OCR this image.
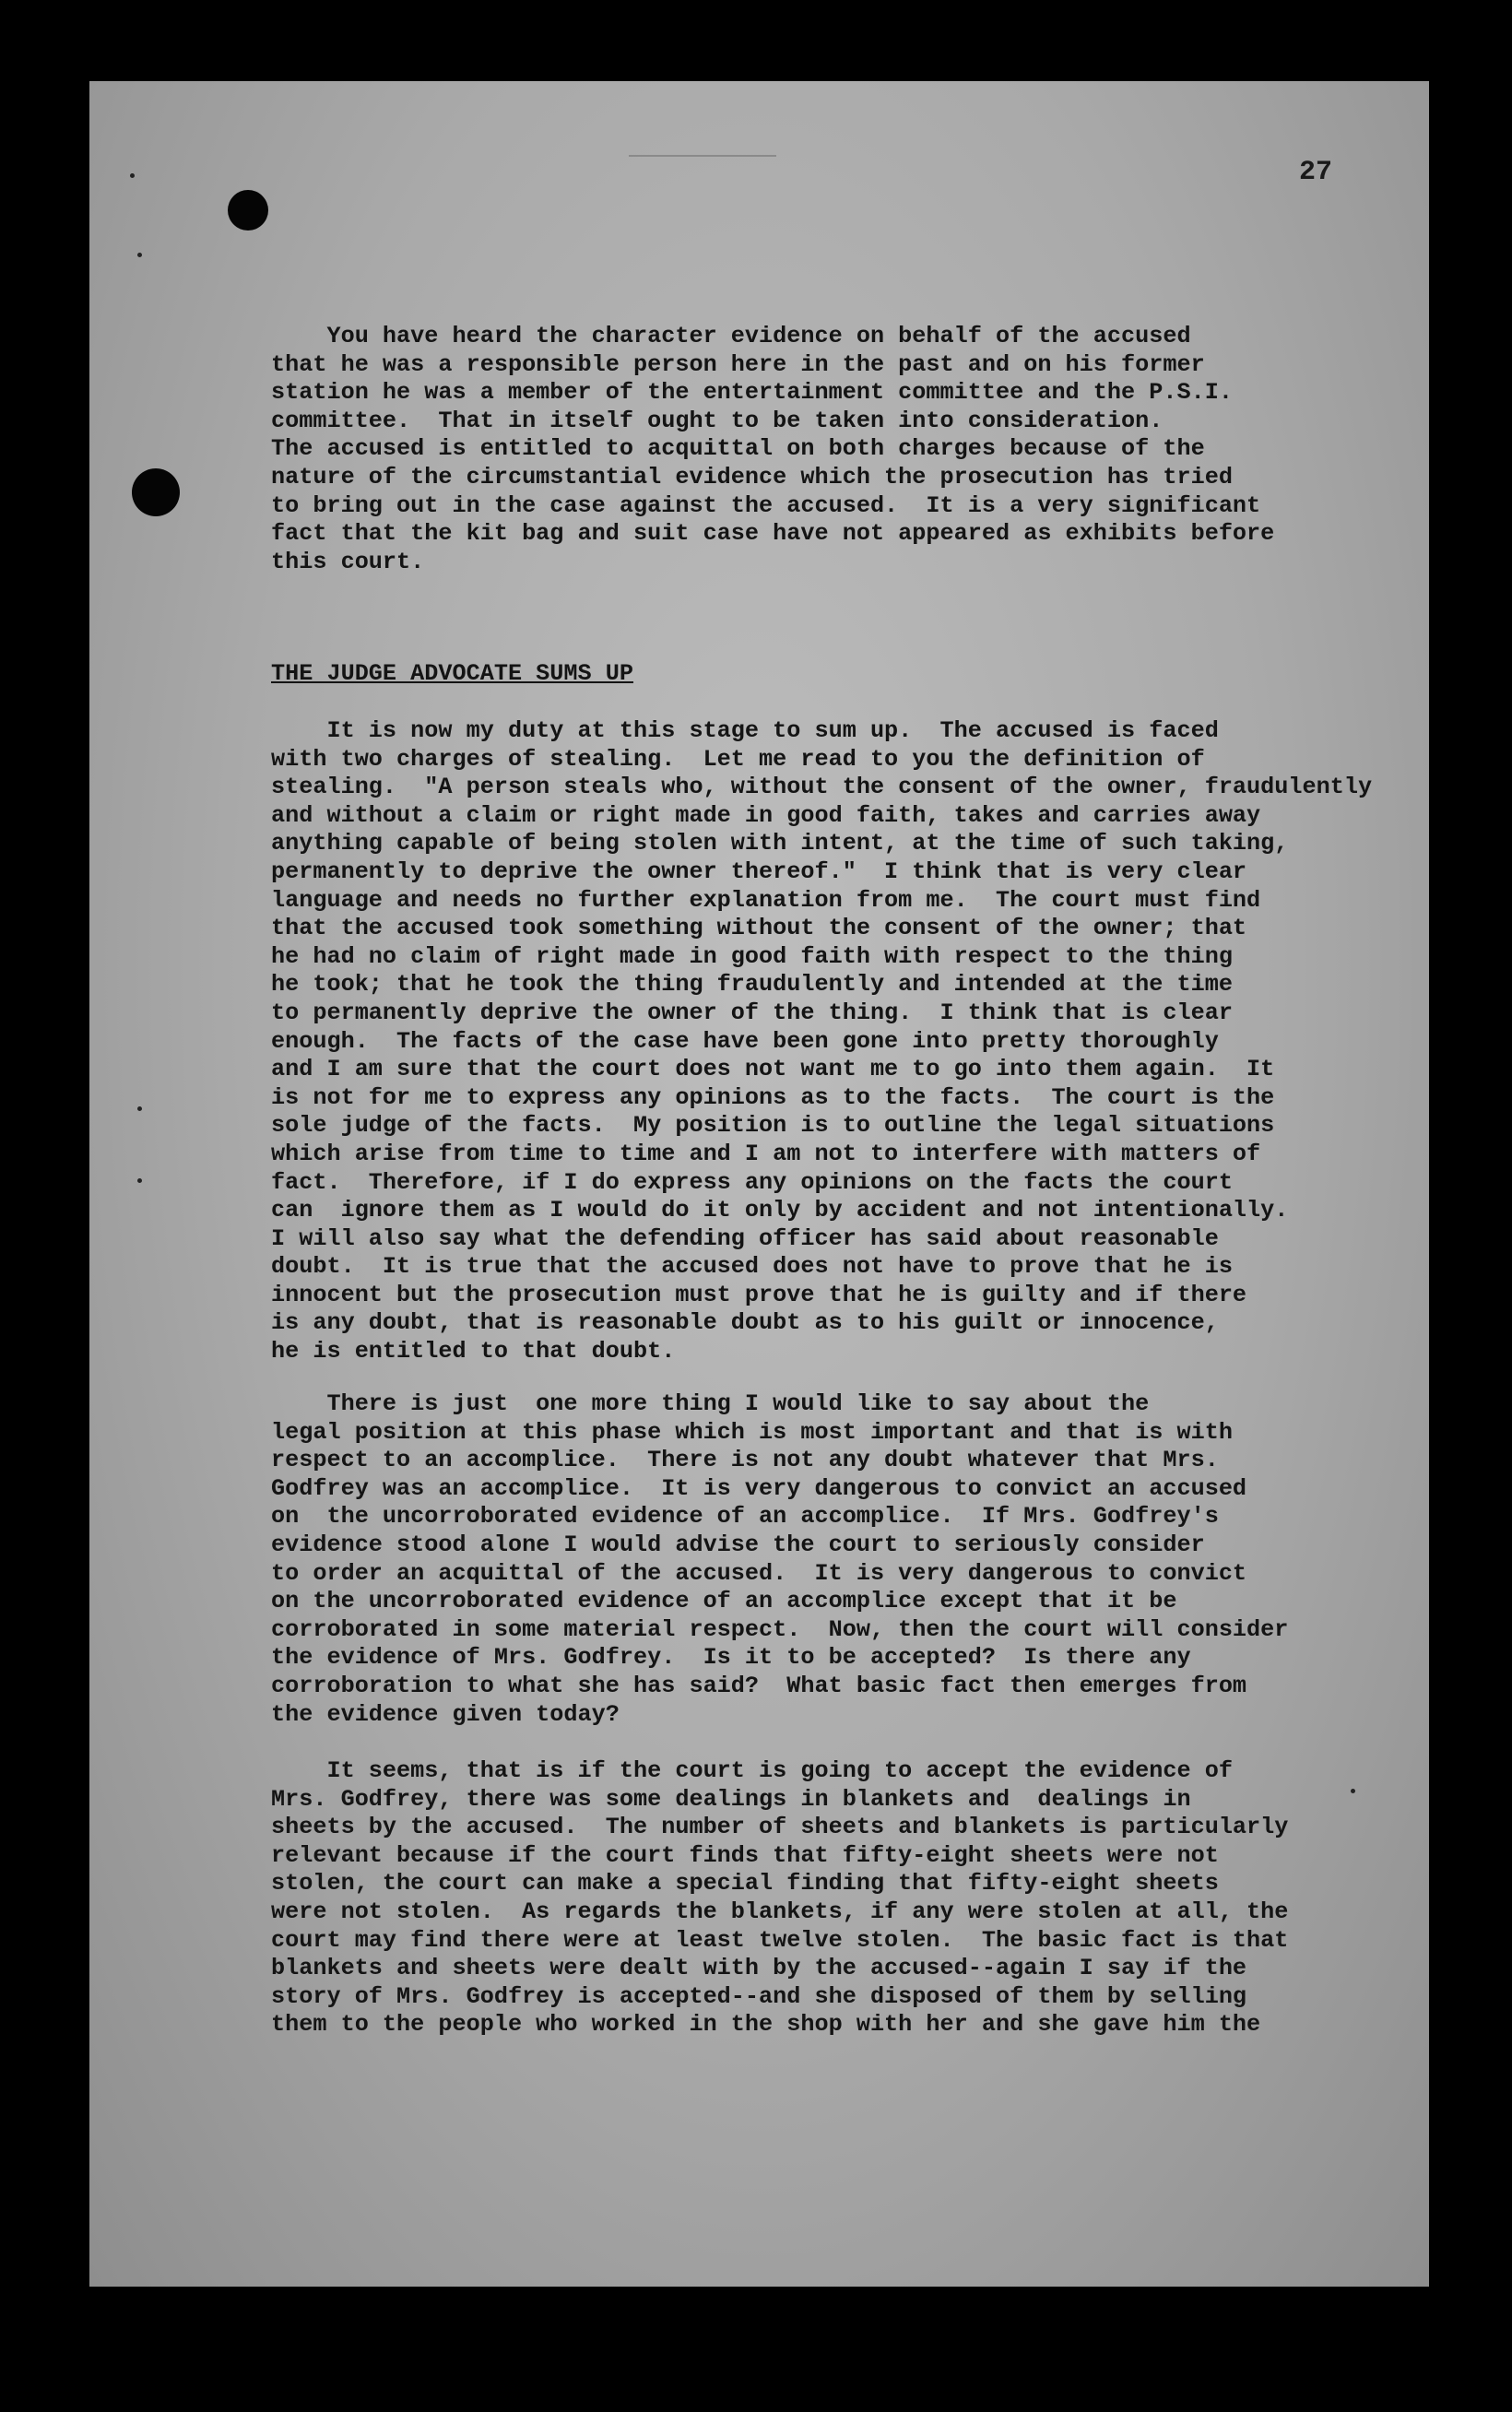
27
You have heard the character evidence on behalf of the accused
that he was a responsible person here in the past and on his former
station he was a member of the entertainment committee and the P.S.I.
committee.  That in itself ought to be taken into consideration.
The accused is entitled to acquittal on both charges because of the
nature of the circumstantial evidence which the prosecution has tried
to bring out in the case against the accused.  It is a very significant
fact that the kit bag and suit case have not appeared as exhibits before
this court.
THE JUDGE ADVOCATE SUMS UP
It is now my duty at this stage to sum up.  The accused is faced
with two charges of stealing.  Let me read to you the definition of
stealing.  "A person steals who, without the consent of the owner, fraudulently
and without a claim or right made in good faith, takes and carries away
anything capable of being stolen with intent, at the time of such taking,
permanently to deprive the owner thereof."  I think that is very clear
language and needs no further explanation from me.  The court must find
that the accused took something without the consent of the owner; that
he had no claim of right made in good faith with respect to the thing
he took; that he took the thing fraudulently and intended at the time
to permanently deprive the owner of the thing.  I think that is clear
enough.  The facts of the case have been gone into pretty thoroughly
and I am sure that the court does not want me to go into them again.  It
is not for me to express any opinions as to the facts.  The court is the
sole judge of the facts.  My position is to outline the legal situations
which arise from time to time and I am not to interfere with matters of
fact.  Therefore, if I do express any opinions on the facts the court
can  ignore them as I would do it only by accident and not intentionally.
I will also say what the defending officer has said about reasonable
doubt.  It is true that the accused does not have to prove that he is
innocent but the prosecution must prove that he is guilty and if there
is any doubt, that is reasonable doubt as to his guilt or innocence,
he is entitled to that doubt.
There is just  one more thing I would like to say about the
legal position at this phase which is most important and that is with
respect to an accomplice.  There is not any doubt whatever that Mrs.
Godfrey was an accomplice.  It is very dangerous to convict an accused
on  the uncorroborated evidence of an accomplice.  If Mrs. Godfrey's
evidence stood alone I would advise the court to seriously consider
to order an acquittal of the accused.  It is very dangerous to convict
on the uncorroborated evidence of an accomplice except that it be
corroborated in some material respect.  Now, then the court will consider
the evidence of Mrs. Godfrey.  Is it to be accepted?  Is there any
corroboration to what she has said?  What basic fact then emerges from
the evidence given today?
It seems, that is if the court is going to accept the evidence of
Mrs. Godfrey, there was some dealings in blankets and  dealings in
sheets by the accused.  The number of sheets and blankets is particularly
relevant because if the court finds that fifty-eight sheets were not
stolen, the court can make a special finding that fifty-eight sheets
were not stolen.  As regards the blankets, if any were stolen at all, the
court may find there were at least twelve stolen.  The basic fact is that
blankets and sheets were dealt with by the accused--again I say if the
story of Mrs. Godfrey is accepted--and she disposed of them by selling
them to the people who worked in the shop with her and she gave him the
